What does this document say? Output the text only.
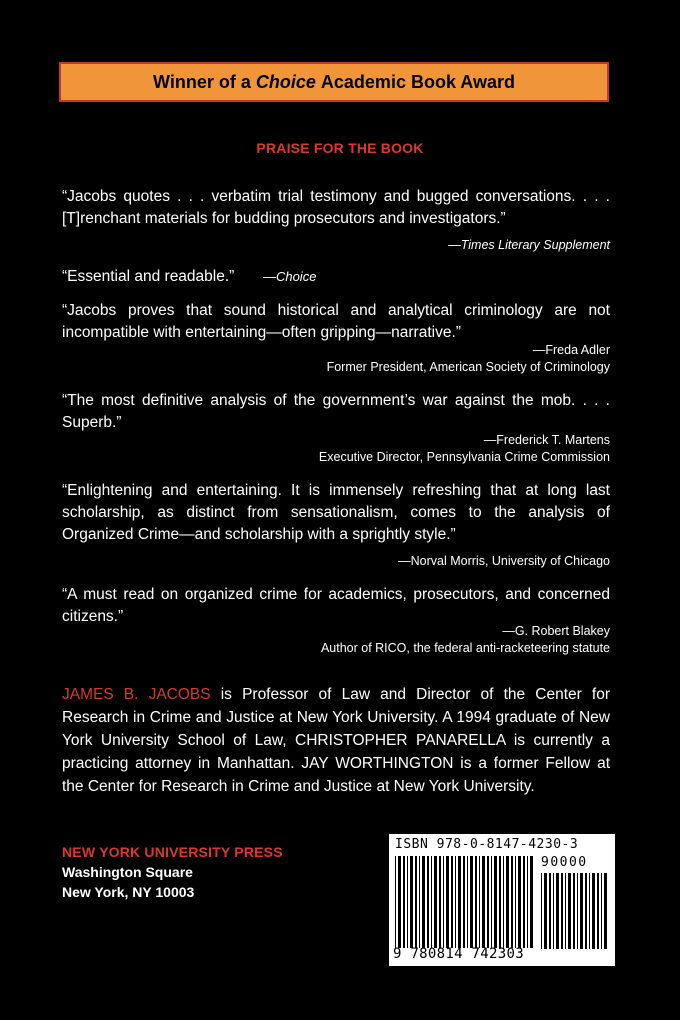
Winner of a
Choice
Academic Book Award
PRAISE FOR THE BOOK
“Jacobs quotes . . . verbatim trial testimony and bugged conversations. . . . [T]renchant materials for budding prosecutors and investigators.”
—Times Literary Supplement
“Essential and readable.” —Choice
“Jacobs proves that sound historical and analytical criminology are not incompatible with entertaining—often gripping—narrative.”
—Freda Adler
Former President, American Society of Criminology
“The most definitive analysis of the government’s war against the mob. . . . Superb.”
—Frederick T. Martens
Executive Director, Pennsylvania Crime Commission
“Enlightening and entertaining. It is immensely refreshing that at long last scholarship, as distinct from sensationalism, comes to the analysis of Organized Crime—and scholarship with a sprightly style.”
—Norval Morris, University of Chicago
“A must read on organized crime for academics, prosecutors, and concerned citizens.”
—G. Robert Blakey
Author of RICO, the federal anti-racketeering statute
JAMES B. JACOBS is Professor of Law and Director of the Center for Research in Crime and Justice at New York University. A 1994 graduate of New York University School of Law, CHRISTOPHER PANARELLA is currently a practicing attorney in Manhattan. JAY WORTHINGTON is a former Fellow at the Center for Research in Crime and Justice at New York University.
NEW YORK UNIVERSITY PRESS
Washington Square
New York, NY 10003
ISBN 978-0-8147-4230-3
90000
9 780814 742303
